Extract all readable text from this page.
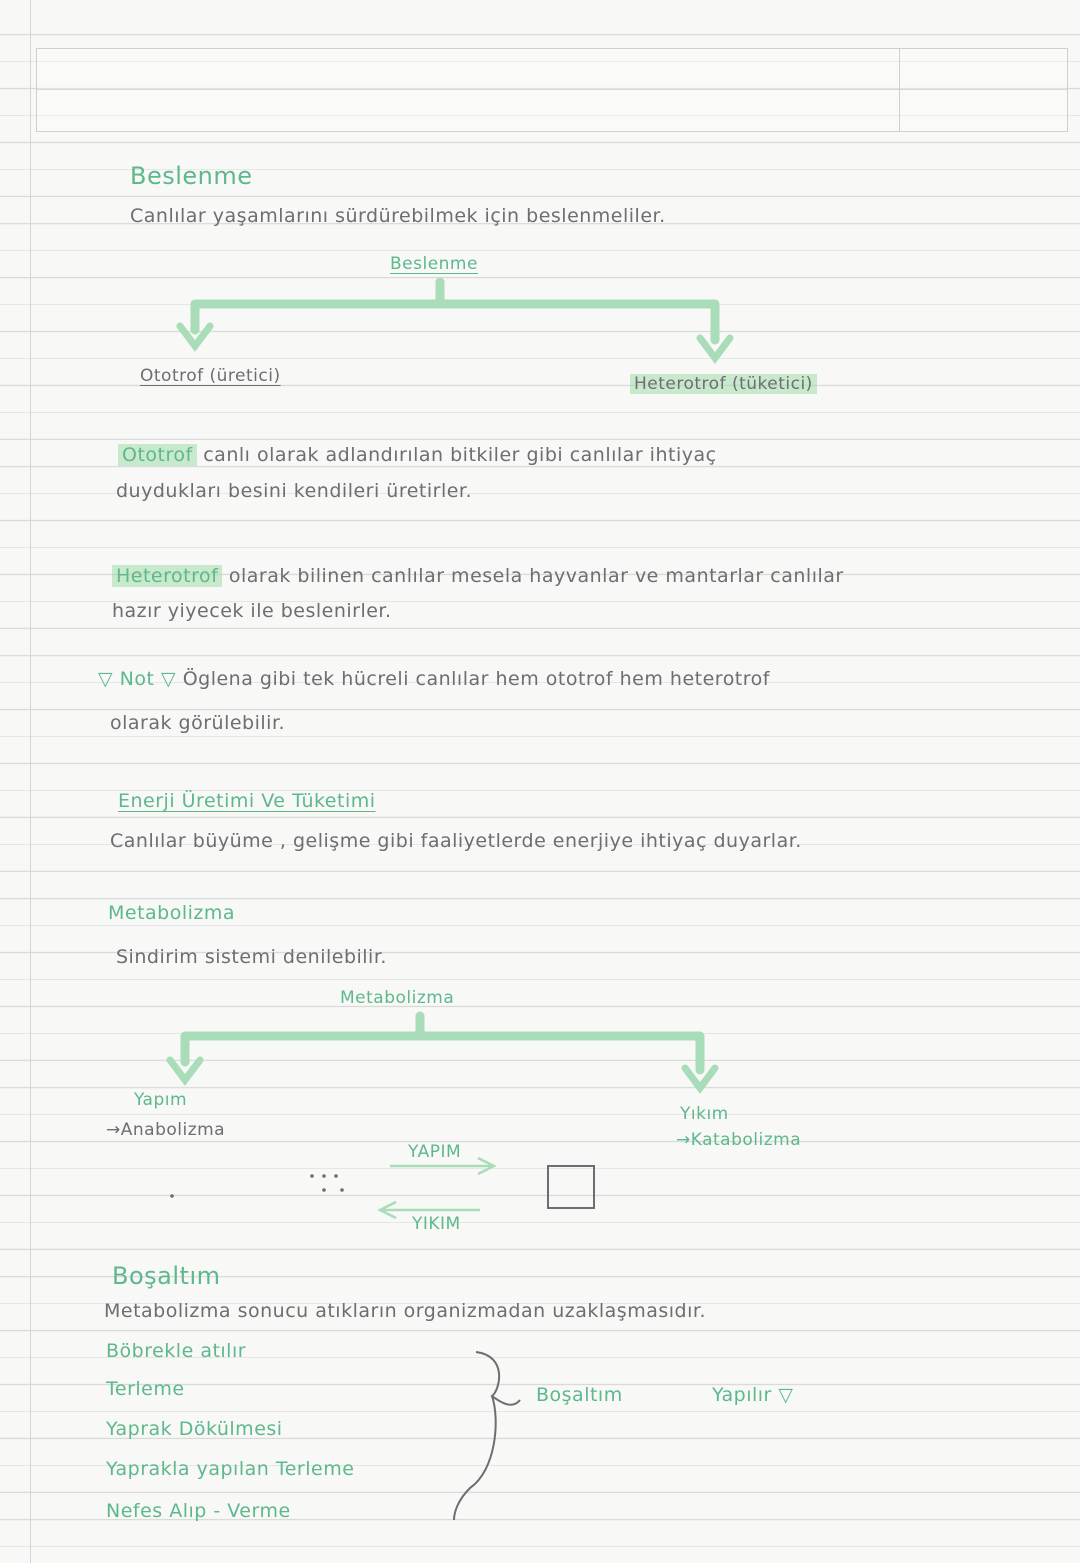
Beslenme
Canlılar yaşamlarını sürdürebilmek için beslenmeliler.
Beslenme
Ototrof (üretici)	Heterotrof (tüketici)
Ototrof canlı olarak adlandırılan bitkiler gibi canlılar ihtiyaç
duydukları besini kendileri üretirler.
Heterotrof olarak bilinen canlılar mesela hayvanlar ve mantarlar canlılar
hazır yiyecek ile beslenirler.
▽ Not ▽ Öglena gibi tek hücreli canlılar hem ototrof hem heterotrof
olarak görülebilir.
Enerji Üretimi Ve Tüketimi
Canlılar büyüme , gelişme gibi faaliyetlerde enerjiye ihtiyaç duyarlar.
Metabolizma
Sindirim sistemi denilebilir.
Metabolizma
Yapım
→Anabolizma
Yıkım
→Katabolizma
YAPIM
YIKIM
Boşaltım
Metabolizma sonucu atıkların organizmadan uzaklaşmasıdır.
Böbrekle atılır
Terleme
Yaprak Dökülmesi
Yaprakla yapılan Terleme
Nefes Alıp - Verme
Boşaltım	Yapılır ▽
